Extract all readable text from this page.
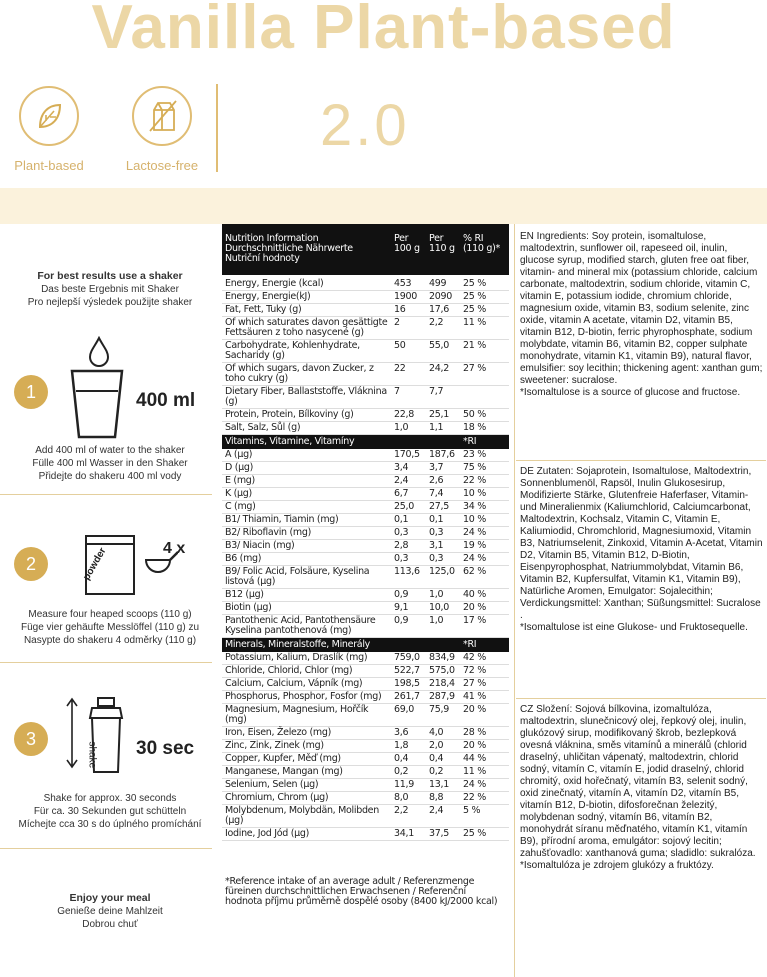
Vanilla Plant-based
2.0
Plant-based	Lactose-free
For best results use a shaker
Das beste Ergebnis mit Shaker
Pro nejlepší výsledek použijte shaker
1	400 ml
Add 400 ml of water to the shaker
Fülle 400 ml Wasser in den Shaker
Přidejte do shakeru 400 ml vody
2	powder	4 x
Measure four heaped scoops (110 g)
Füge vier gehäufte Messlöffel (110 g) zu
Nasypte do shakeru 4 odměrky (110 g)
3
shake 30 sec
Shake for approx. 30 seconds
Für ca. 30 Sekunden gut schütteln
Míchejte cca 30 s do úplného promíchání
Enjoy your meal
Genieße deine Mahlzeit
Dobrou chuť
Nutrition Information
Durchschnittliche Nährwerte
Nutriční hodnoty
Per
100 g
Per
110 g
% RI
(110 g)*
Energy, Energie (kcal)	453 499 25 %
Energy, Energie(kJ)	1900 2090 25 %
Fat, Fett, Tuky (g)	16 17,6 25 %
Of which saturates davon gesättigte Fettsäuren z toho nasycené (g)
2	2,2 11 %
Carbohydrate, Kohlenhydrate, Sacharidy (g)
50 55,0 21 %
Of which sugars, davon Zucker, z toho cukry (g)
22 24,2 27 %
Dietary Fiber, Ballaststoffe, Vláknina (g)
7	7,7
Protein, Protein, Bílkoviny (g)	22,8 25,1 50 %
Salt, Salz, Sůl (g)	1,0 1,1 18 %
Vitamins, Vitamine, Vitamíny	*RI
A (µg)	170,5 187,6 23 %
D (µg)	3,4 3,7 75 %
E (mg)	2,4 2,6 22 %
K (µg)	6,7 7,4 10 %
C (mg)	25,0 27,5 34 %
B1/ Thiamin, Tiamin (mg)	0,1 0,1 10 %
B2/ Riboflavin (mg)	0,3 0,3 24 %
B3/ Niacin (mg)	2,8 3,1 19 %
B6 (mg)	0,3 0,3 24 %
B9/ Folic Acid, Folsäure, Kyselina listová (µg)
113,6 125,0 62 %
B12 (µg)	0,9 1,0 40 %
Biotin (µg)	9,1 10,0 20 %
Pantothenic Acid, Pantothensäure Kyselina pantothenová (mg)
0,9 1,0 17 %
Minerals, Mineralstoffe, Minerály	*RI
Potassium, Kalium, Draslík (mg)	759,0 834,9 42 %
Chloride, Chlorid, Chlor (mg)	522,7 575,0 72 %
Calcium, Calcium, Vápník (mg)	198,5 218,4 27 %
Phosphorus, Phosphor, Fosfor (mg)	261,7 287,9 41 %
Magnesium, Magnesium, Hořčík (mg)
69,0 75,9 20 %
Iron, Eisen, Železo (mg)	3,6 4,0 28 %
Zinc, Zink, Zinek (mg)	1,8 2,0 20 %
Copper, Kupfer, Měď (mg)	0,4 0,4 44 %
Manganese, Mangan (mg)	0,2 0,2 11 %
Selenium, Selen (µg)	11,9 13,1 24 %
Chromium, Chrom (µg)	8,0 8,8 22 %
Molybdenum, Molybdän, Molibden (µg)
2,2 2,4 5 %
Iodine, Jod Jód (µg)	34,1 37,5 25 %
*Reference intake of an average adult / Referenzmenge füreinen durchschnittlichen Erwachsenen / Referenční hodnota příjmu průměrně dospělé osoby (8400 kJ/2000 kcal)
EN Ingredients: Soy protein, isomaltulose, maltodextrin, sunflower oil, rapeseed oil, inulin, glucose syrup, modified starch, gluten free oat fiber, vitamin- and mineral mix (potassium chloride, calcium carbonate, maltodextrin, sodium chloride, vitamin C, vitamin E, potassium iodide, chromium chloride, magnesium oxide, vitamin B3, sodium selenite, zinc oxide, vitamin A acetate, vitamin D2, vitamin B5, vitamin B12, D-biotin, ferric phyrophosphate, sodium molybdate, vitamin B6, vitamin B2, copper sulphate monohydrate, vitamin K1, vitamin B9), natural flavor, emulsifier: soy lecithin; thickening agent: xanthan gum; sweetener: sucralose.
*Isomaltulose is a source of glucose and fructose.
DE Zutaten: Sojaprotein, Isomaltulose, Maltodextrin, Sonnenblumenöl, Rapsöl, Inulin Glukosesirup, Modifizierte Stärke, Glutenfreie Haferfaser, Vitamin- und Mineralienmix (Kaliumchlorid, Calciumcarbonat, Maltodextrin, Kochsalz, Vitamin C, Vitamin E, Kaliumiodid, Chromchlorid, Magnesiumoxid, Vitamin B3, Natriumselenit, Zinkoxid, Vitamin A-Acetat, Vitamin D2, Vitamin B5, Vitamin B12, D-Biotin, Eisenpyrophosphat, Natriummolybdat, Vitamin B6, Vitamin B2, Kupfersulfat, Vitamin K1, Vitamin B9), Natürliche Aromen, Emulgator: Sojalecithin; Verdickungsmittel: Xanthan; Süßungsmittel: Sucralose .
*Isomaltulose ist eine Glukose- und Fruktosequelle.
CZ Složení: Sojová bílkovina, izomaltulóza, maltodextrin, slunečnicový olej, řepkový olej, inulin, glukózový sirup, modifikovaný škrob, bezlepková ovesná vláknina, směs vitamínů a minerálů (chlorid draselný, uhličitan vápenatý, maltodextrin, chlorid sodný, vitamín C, vitamín E, jodid draselný, chlorid chromitý, oxid hořečnatý, vitamín B3, selenit sodný, oxid zinečnatý, vitamín A, vitamín D2, vitamín B5, vitamín B12, D-biotin, difosforečnan železitý, molybdenan sodný, vitamín B6, vitamín B2, monohydrát síranu měďnatého, vitamín K1, vitamín B9), přírodní aroma, emulgátor: sojový lecitin; zahušťovadlo: xanthanová guma; sladidlo: sukralóza.
*Isomaltulóza je zdrojem glukózy a fruktózy.
